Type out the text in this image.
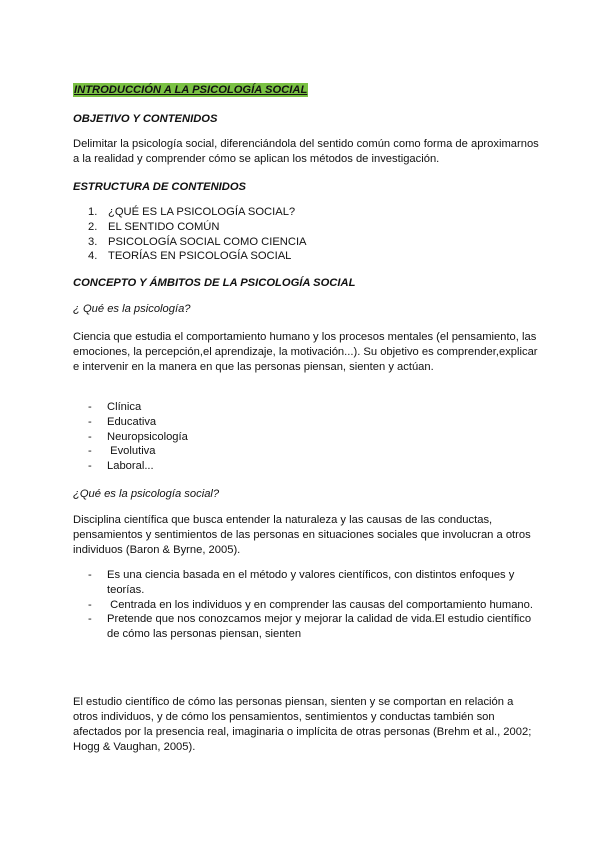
INTRODUCCIÓN A LA PSICOLOGÍA SOCIAL
OBJETIVO Y CONTENIDOS
Delimitar la psicología social, diferenciándola del sentido común como forma de aproximarnos a la realidad y comprender cómo se aplican los métodos de investigación.
ESTRUCTURA DE CONTENIDOS
1. ¿QUÉ ES LA PSICOLOGÍA SOCIAL?
2. EL SENTIDO COMÚN
3. PSICOLOGÍA SOCIAL COMO CIENCIA
4. TEORÍAS EN PSICOLOGÍA SOCIAL
CONCEPTO Y ÁMBITOS DE LA PSICOLOGÍA SOCIAL
¿ Qué es la psicología?
Ciencia que estudia el comportamiento humano y los procesos mentales (el pensamiento, las emociones, la percepción,el aprendizaje, la motivación...). Su objetivo es comprender,explicar e intervenir en la manera en que las personas piensan, sienten y actúan.
-	Clínica
-	Educativa
-	Neuropsicología
-	Evolutiva
-	Laboral...
¿Qué es la psicología social?
Disciplina científica que busca entender la naturaleza y las causas de las conductas, pensamientos y sentimientos de las personas en situaciones sociales que involucran a otros individuos (Baron & Byrne, 2005).
-	Es una ciencia basada en el método y valores científicos, con distintos enfoques y teorías.
-	Centrada en los individuos y en comprender las causas del comportamiento humano.
-	Pretende que nos conozcamos mejor y mejorar la calidad de vida.El estudio científico de cómo las personas piensan, sienten
El estudio científico de cómo las personas piensan, sienten y se comportan en relación a otros individuos, y de cómo los pensamientos, sentimientos y conductas también son afectados por la presencia real, imaginaria o implícita de otras personas (Brehm et al., 2002; Hogg & Vaughan, 2005).
